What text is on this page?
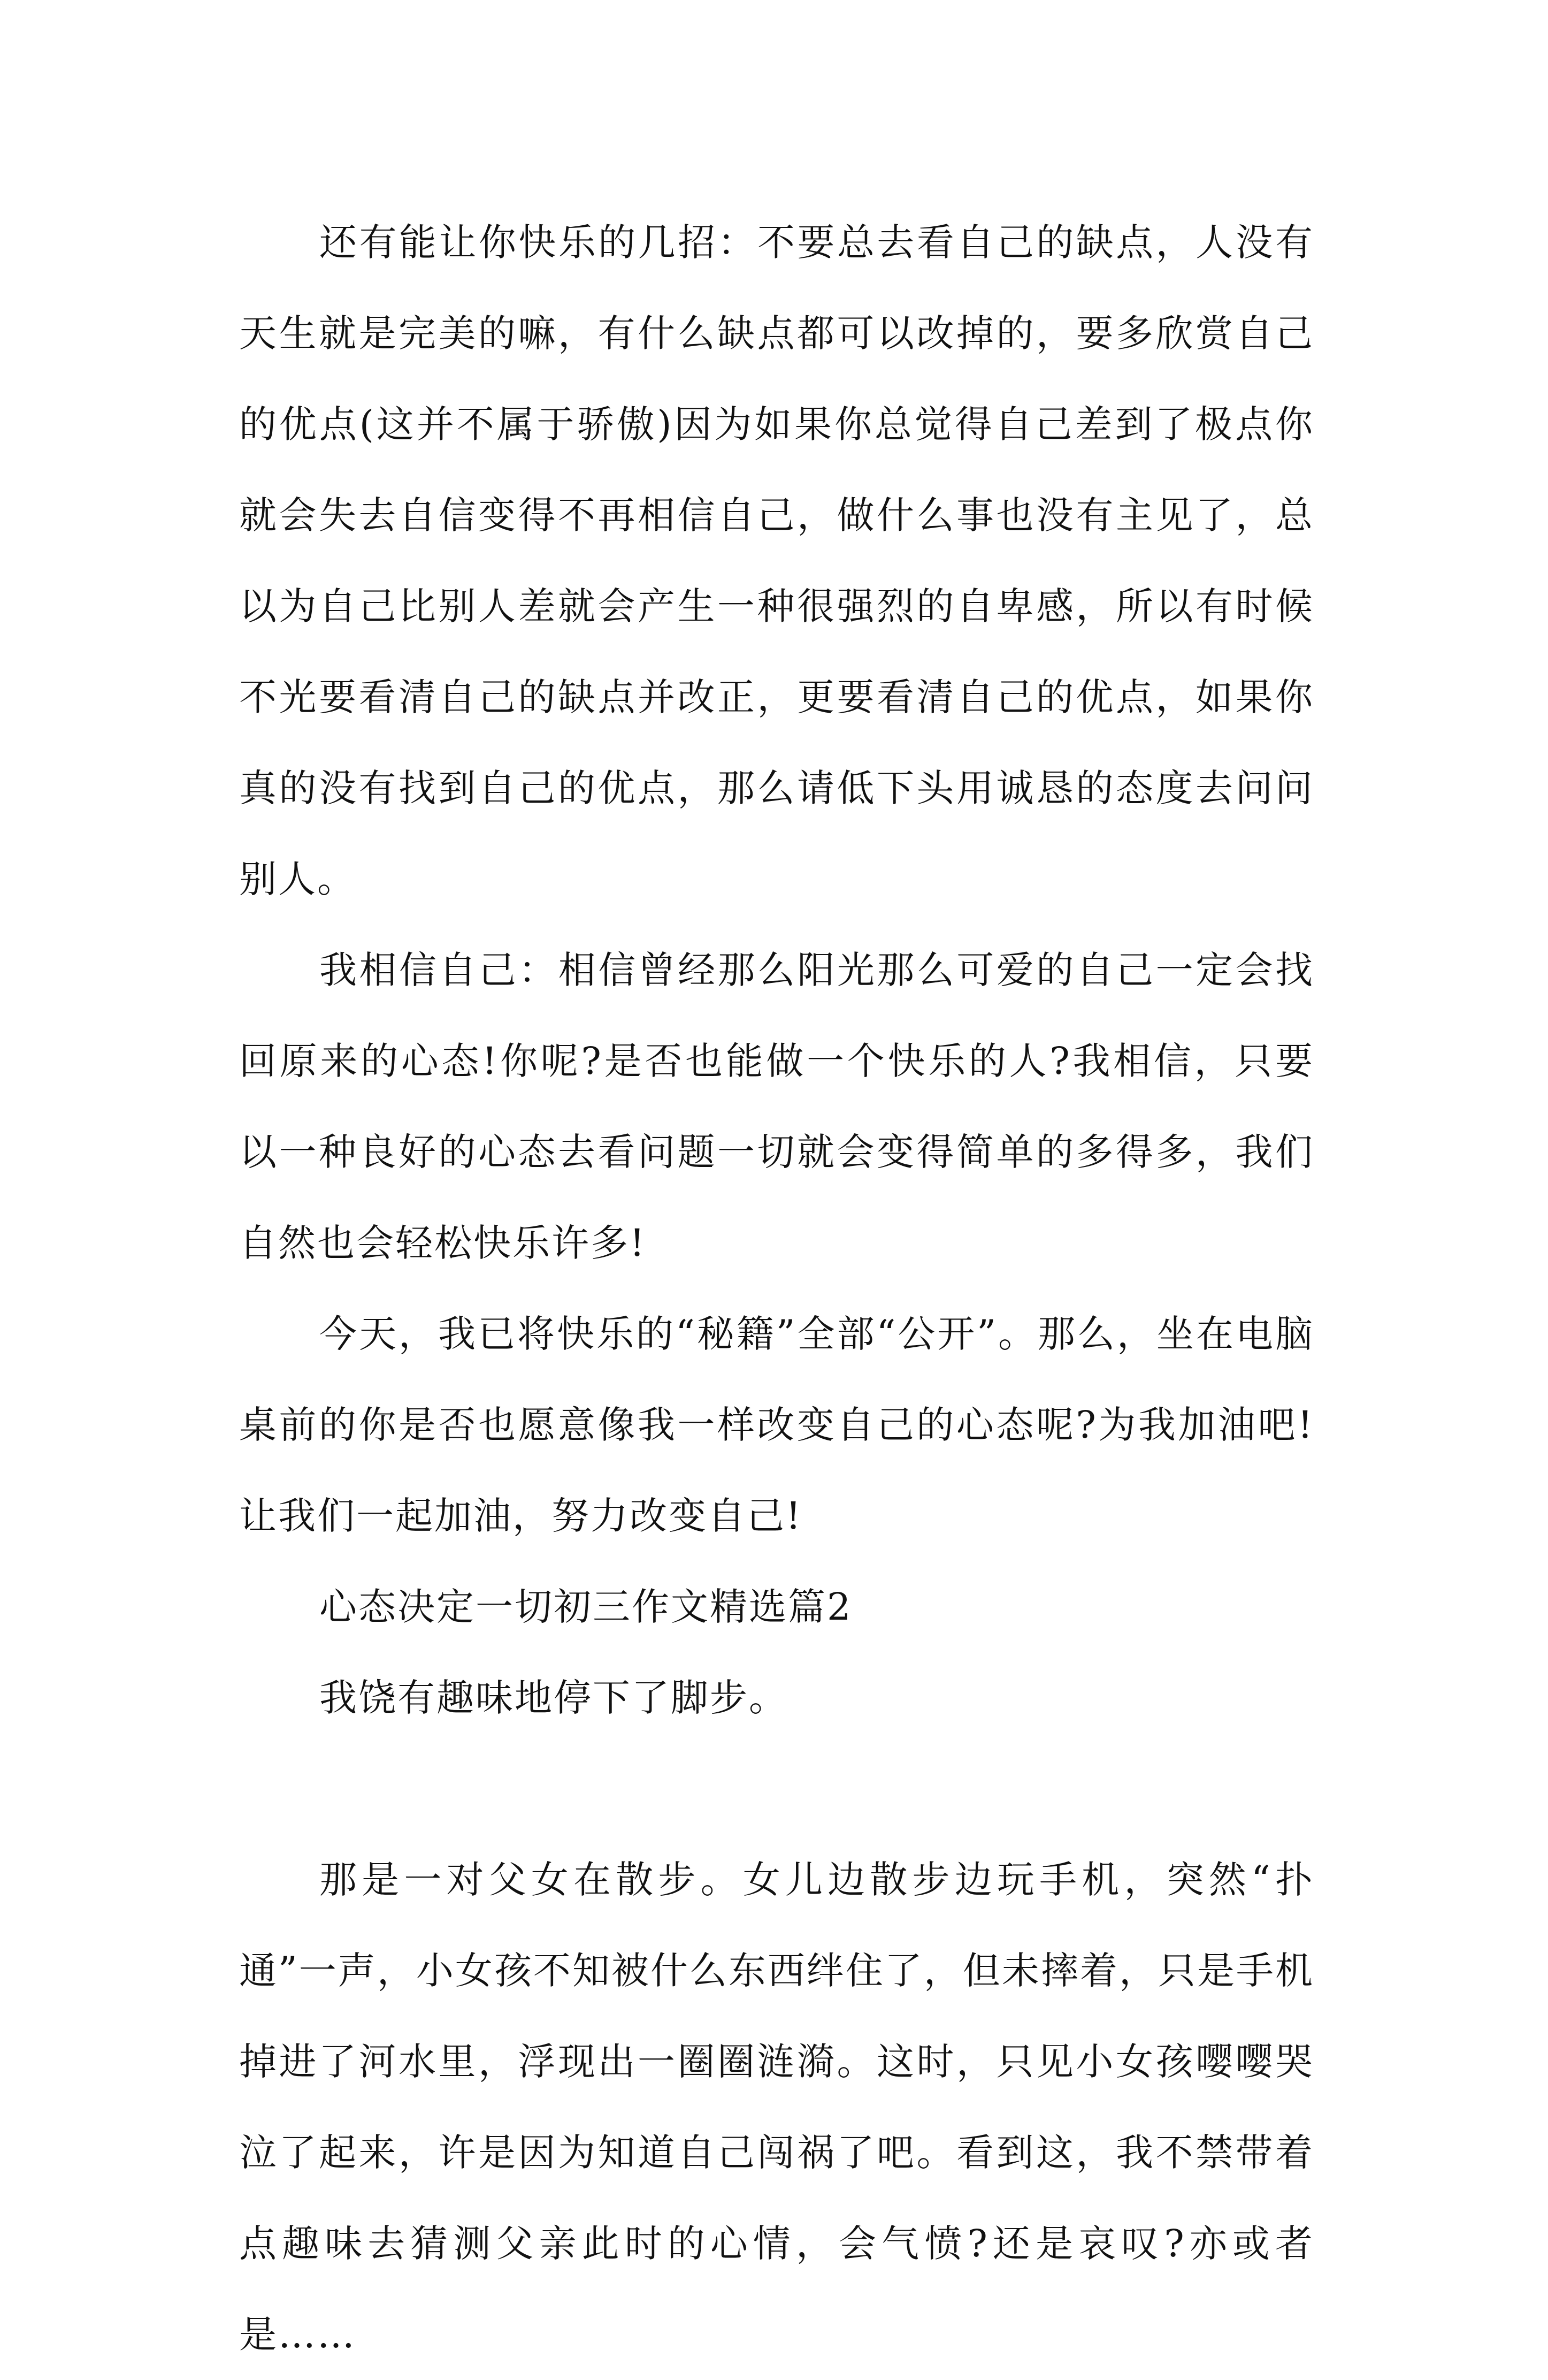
还有能让你快乐的几招：不要总去看自己的缺点，人没有天生就是完美的嘛，有什么缺点都可以改掉的，要多欣赏自己的优点(这并不属于骄傲)因为如果你总觉得自己差到了极点你就会失去自信变得不再相信自己，做什么事也没有主见了，总以为自己比别人差就会产生一种很强烈的自卑感，所以有时候不光要看清自己的缺点并改正，更要看清自己的优点，如果你真的没有找到自己的优点，那么请低下头用诚恳的态度去问问别人。

我相信自己：相信曾经那么阳光那么可爱的自己一定会找回原来的心态!你呢?是否也能做一个快乐的人?我相信，只要以一种良好的心态去看问题一切就会变得简单的多得多，我们自然也会轻松快乐许多!

今天，我已将快乐的“秘籍”全部“公开”。那么，坐在电脑桌前的你是否也愿意像我一样改变自己的心态呢?为我加油吧!让我们一起加油，努力改变自己!

心态决定一切初三作文精选篇2

我饶有趣味地停下了脚步。

那是一对父女在散步。女儿边散步边玩手机，突然“扑通”一声，小女孩不知被什么东西绊住了，但未摔着，只是手机掉进了河水里，浮现出一圈圈涟漪。这时，只见小女孩嘤嘤哭泣了起来，许是因为知道自己闯祸了吧。看到这，我不禁带着点趣味去猜测父亲此时的心情，会气愤?还是哀叹?亦或者是……
